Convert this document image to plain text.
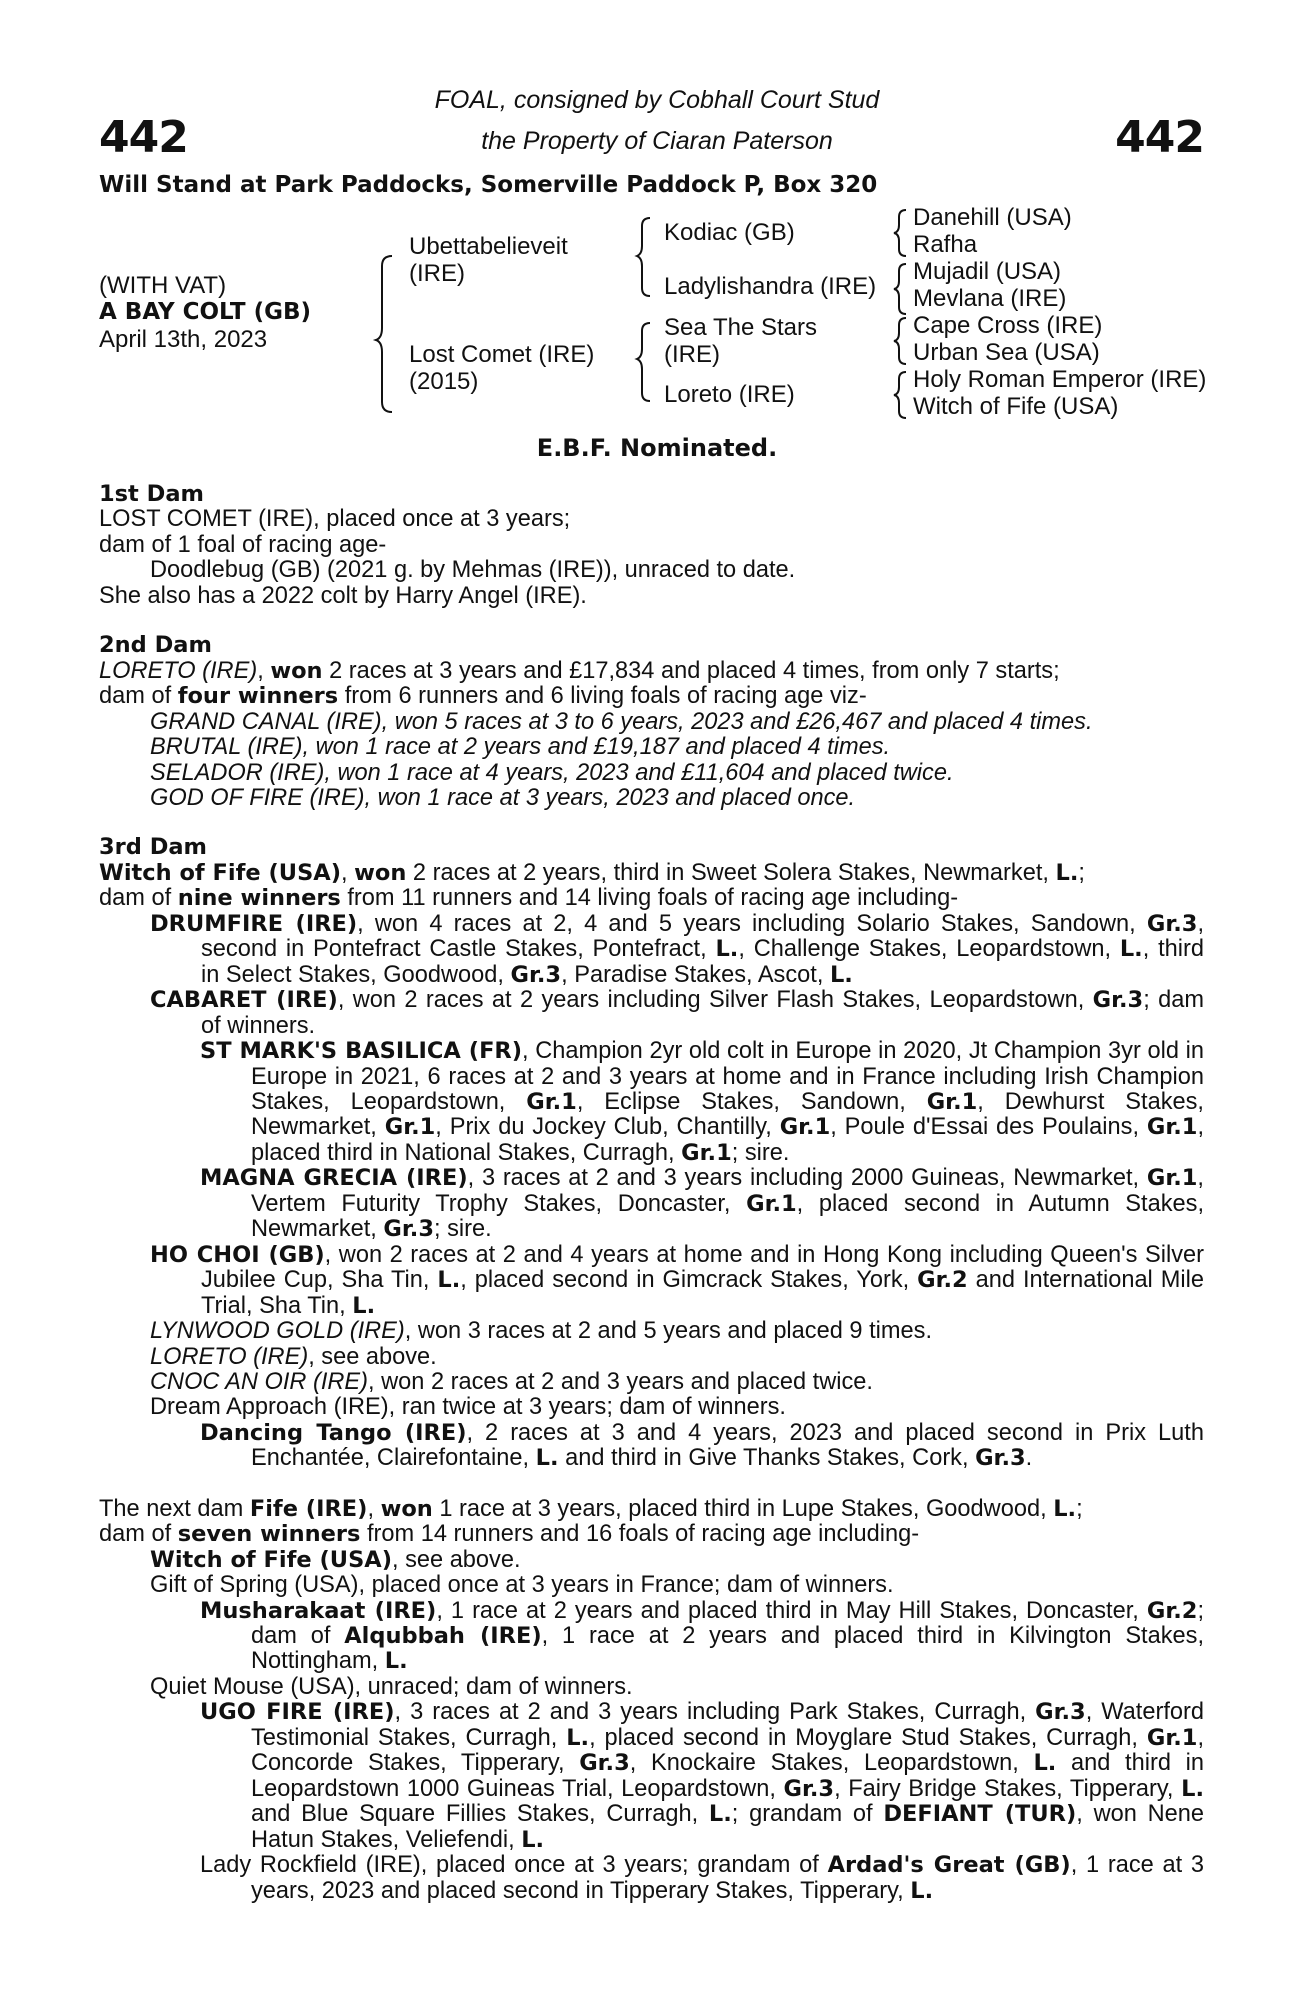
442	442
FOAL, consigned by Cobhall Court Stud
the Property of Ciaran Paterson
Will Stand at Park Paddocks, Somerville Paddock P, Box 320
(WITH VAT)
A BAY COLT (GB)
April 13th, 2023
Ubettabelieveit
(IRE)
Lost Comet (IRE)
(2015)
Kodiac (GB)
Ladylishandra (IRE)
Sea The Stars
(IRE)
Loreto (IRE)
Danehill (USA)
Rafha
Mujadil (USA)
Mevlana (IRE)
Cape Cross (IRE)
Urban Sea (USA)
Holy Roman Emperor (IRE)
Witch of Fife (USA)
E.B.F. Nominated.
1st Dam
LOST COMET (IRE), placed once at 3 years;
dam of 1 foal of racing age-
Doodlebug (GB) (2021 g. by Mehmas (IRE)), unraced to date.
She also has a 2022 colt by Harry Angel (IRE).
2nd Dam
LORETO (IRE), won 2 races at 3 years and £17,834 and placed 4 times, from only 7 starts;
dam of four winners from 6 runners and 6 living foals of racing age viz-
GRAND CANAL (IRE), won 5 races at 3 to 6 years, 2023 and £26,467 and placed 4 times.
BRUTAL (IRE), won 1 race at 2 years and £19,187 and placed 4 times.
SELADOR (IRE), won 1 race at 4 years, 2023 and £11,604 and placed twice.
GOD OF FIRE (IRE), won 1 race at 3 years, 2023 and placed once.
3rd Dam
Witch of Fife (USA), won 2 races at 2 years, third in Sweet Solera Stakes, Newmarket, L.;
dam of nine winners from 11 runners and 14 living foals of racing age including-
DRUMFIRE (IRE), won 4 races at 2, 4 and 5 years including Solario Stakes, Sandown, Gr.3, second in Pontefract Castle Stakes, Pontefract, L., Challenge Stakes, Leopardstown, L., third in Select Stakes, Goodwood, Gr.3, Paradise Stakes, Ascot, L.
CABARET (IRE), won 2 races at 2 years including Silver Flash Stakes, Leopardstown, Gr.3; dam of winners.
ST MARK'S BASILICA (FR), Champion 2yr old colt in Europe in 2020, Jt Champion 3yr old in Europe in 2021, 6 races at 2 and 3 years at home and in France including Irish Champion Stakes, Leopardstown, Gr.1, Eclipse Stakes, Sandown, Gr.1, Dewhurst Stakes, Newmarket, Gr.1, Prix du Jockey Club, Chantilly, Gr.1, Poule d'Essai des Poulains, Gr.1, placed third in National Stakes, Curragh, Gr.1; sire.
MAGNA GRECIA (IRE), 3 races at 2 and 3 years including 2000 Guineas, Newmarket, Gr.1, Vertem Futurity Trophy Stakes, Doncaster, Gr.1, placed second in Autumn Stakes, Newmarket, Gr.3; sire.
HO CHOI (GB), won 2 races at 2 and 4 years at home and in Hong Kong including Queen's Silver Jubilee Cup, Sha Tin, L., placed second in Gimcrack Stakes, York, Gr.2 and International Mile Trial, Sha Tin, L.
LYNWOOD GOLD (IRE), won 3 races at 2 and 5 years and placed 9 times.
LORETO (IRE), see above.
CNOC AN OIR (IRE), won 2 races at 2 and 3 years and placed twice.
Dream Approach (IRE), ran twice at 3 years; dam of winners.
Dancing Tango (IRE), 2 races at 3 and 4 years, 2023 and placed second in Prix Luth Enchantée, Clairefontaine, L. and third in Give Thanks Stakes, Cork, Gr.3.
The next dam Fife (IRE), won 1 race at 3 years, placed third in Lupe Stakes, Goodwood, L.;
dam of seven winners from 14 runners and 16 foals of racing age including-
Witch of Fife (USA), see above.
Gift of Spring (USA), placed once at 3 years in France; dam of winners.
Musharakaat (IRE), 1 race at 2 years and placed third in May Hill Stakes, Doncaster, Gr.2; dam of Alqubbah (IRE), 1 race at 2 years and placed third in Kilvington Stakes, Nottingham, L.
Quiet Mouse (USA), unraced; dam of winners.
UGO FIRE (IRE), 3 races at 2 and 3 years including Park Stakes, Curragh, Gr.3, Waterford Testimonial Stakes, Curragh, L., placed second in Moyglare Stud Stakes, Curragh, Gr.1, Concorde Stakes, Tipperary, Gr.3, Knockaire Stakes, Leopardstown, L. and third in Leopardstown 1000 Guineas Trial, Leopardstown, Gr.3, Fairy Bridge Stakes, Tipperary, L. and Blue Square Fillies Stakes, Curragh, L.; grandam of DEFIANT (TUR), won Nene Hatun Stakes, Veliefendi, L.
Lady Rockfield (IRE), placed once at 3 years; grandam of Ardad's Great (GB), 1 race at 3 years, 2023 and placed second in Tipperary Stakes, Tipperary, L.
